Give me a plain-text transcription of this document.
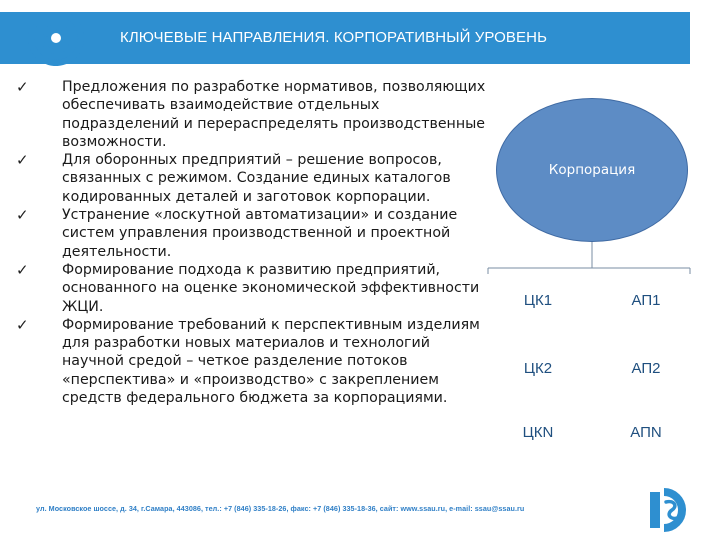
КЛЮЧЕВЫЕ НАПРАВЛЕНИЯ. КОРПОРАТИВНЫЙ УРОВЕНЬ
✓	Предложения по разработке нормативов, позволяющих
обеспечивать взаимодействие отдельных
подразделений и перераспределять производственные
возможности.
✓	Для оборонных предприятий – решение вопросов,
связанных с режимом. Создание единых каталогов
кодированных деталей и заготовок корпорации.
✓	Устранение «лоскутной автоматизации» и создание
систем управления производственной и проектной
деятельности.
✓	Формирование подхода к развитию предприятий,
основанного на оценке экономической эффективности
ЖЦИ.
✓	Формирование требований к перспективным изделиям
для разработки новых материалов и технологий
научной средой – четкое разделение потоков
«перспектива» и «производство» с закреплением
средств федерального бюджета за корпорациями.
Корпорация
ЦК1	АП1
ЦК2	АП2
ЦКN	АПN
ул. Московское шоссе, д. 34, г.Самара, 443086, тел.: +7 (846) 335-18-26, факс: +7 (846) 335-18-36, сайт: www.ssau.ru, e-mail: ssau@ssau.ru
